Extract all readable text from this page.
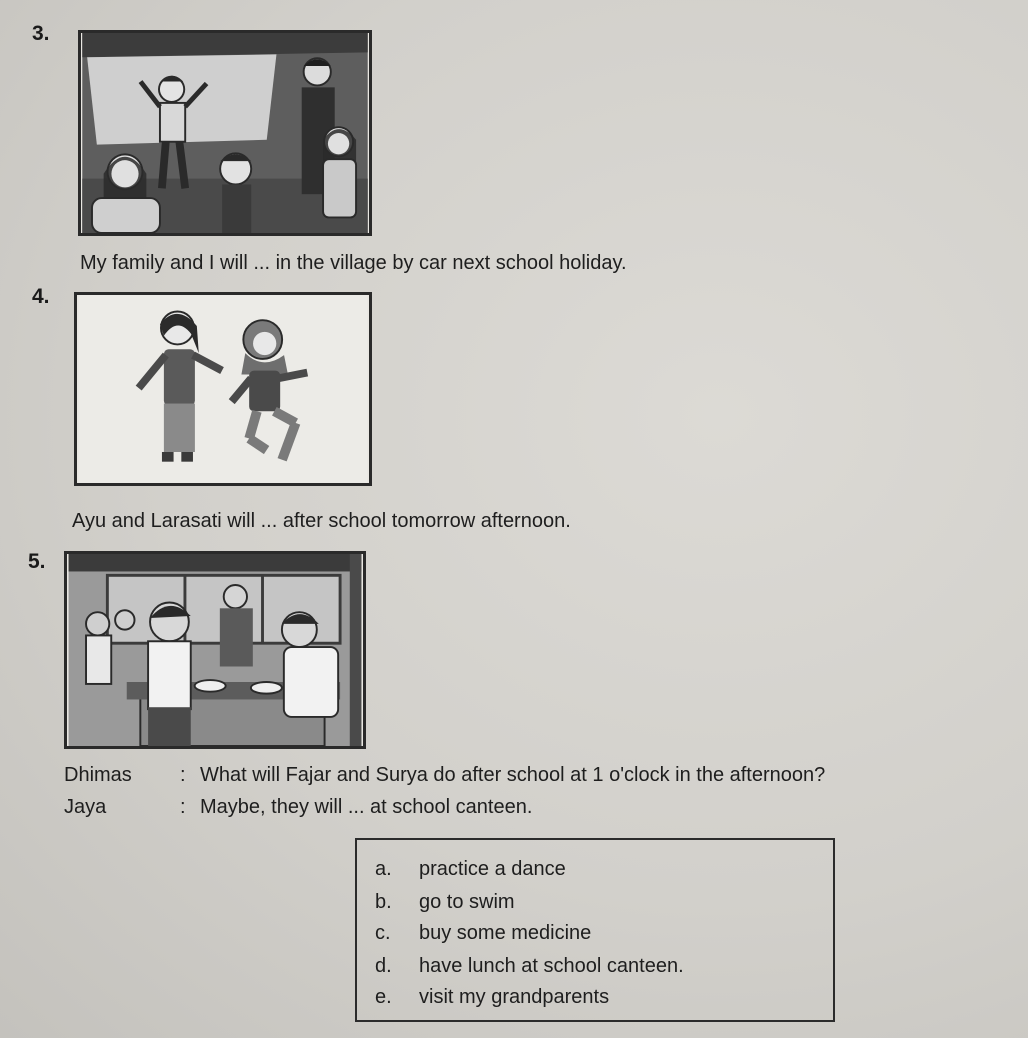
3.
My family and I will ... in the village by car next school holiday.
4.
Ayu and Larasati will ... after school tomorrow afternoon.
5.
Dhimas : What will Fajar and Surya do after school at 1 o'clock in the afternoon?
Jaya	: Maybe, they will ... at school canteen.
a. practice a dance
b. go to swim
c. buy some medicine
d. have lunch at school canteen.
e. visit my grandparents
